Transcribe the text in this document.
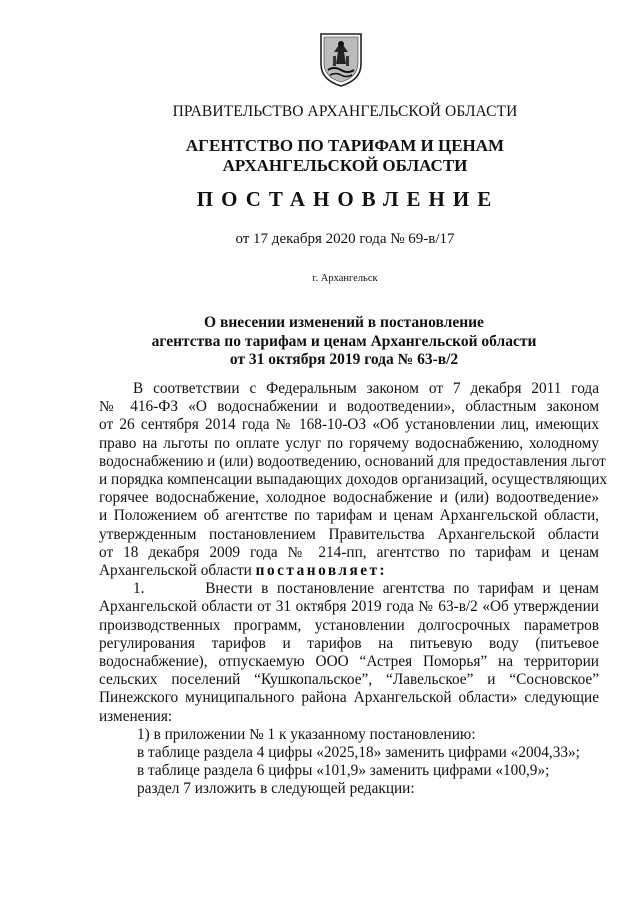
ПРАВИТЕЛЬСТВО АРХАНГЕЛЬСКОЙ ОБЛАСТИ
АГЕНТСТВО ПО ТАРИФАМ И ЦЕНАМ
АРХАНГЕЛЬСКОЙ ОБЛАСТИ
ПОСТАНОВЛЕНИЕ
от 17 декабря 2020 года № 69-в/17
г. Архангельск
О внесении изменений в постановление
агентства по тарифам и ценам Архангельской области
от 31 октября 2019 года № 63-в/2
В соответствии с Федеральным законом от 7 декабря 2011 года
№ 416-ФЗ «О водоснабжении и водоотведении», областным законом
от 26 сентября 2014 года № 168-10-ОЗ «Об установлении лиц, имеющих
право на льготы по оплате услуг по горячему водоснабжению, холодному
водоснабжению и (или) водоотведению, оснований для предоставления льгот
и порядка компенсации выпадающих доходов организаций, осуществляющих
горячее водоснабжение, холодное водоснабжение и (или) водоотведение»
и Положением об агентстве по тарифам и ценам Архангельской области,
утвержденным постановлением Правительства Архангельской области
от 18 декабря 2009 года № 214-пп, агентство по тарифам и ценам
Архангельской области постановляет:
1.       Внести в постановление агентства по тарифам и ценам
Архангельской области от 31 октября 2019 года № 63-в/2 «Об утверждении
производственных программ, установлении долгосрочных параметров
регулирования тарифов и тарифов на питьевую воду (питьевое
водоснабжение), отпускаемую ООО “Астрея Поморья” на территории
сельских поселений “Кушкопальское”, “Лавельское” и “Сосновское”
Пинежского муниципального района Архангельской области» следующие
изменения:
1) в приложении № 1 к указанному постановлению:
в таблице раздела 4 цифры «2025,18» заменить цифрами «2004,33»;
в таблице раздела 6 цифры «101,9» заменить цифрами «100,9»;
раздел 7 изложить в следующей редакции:
